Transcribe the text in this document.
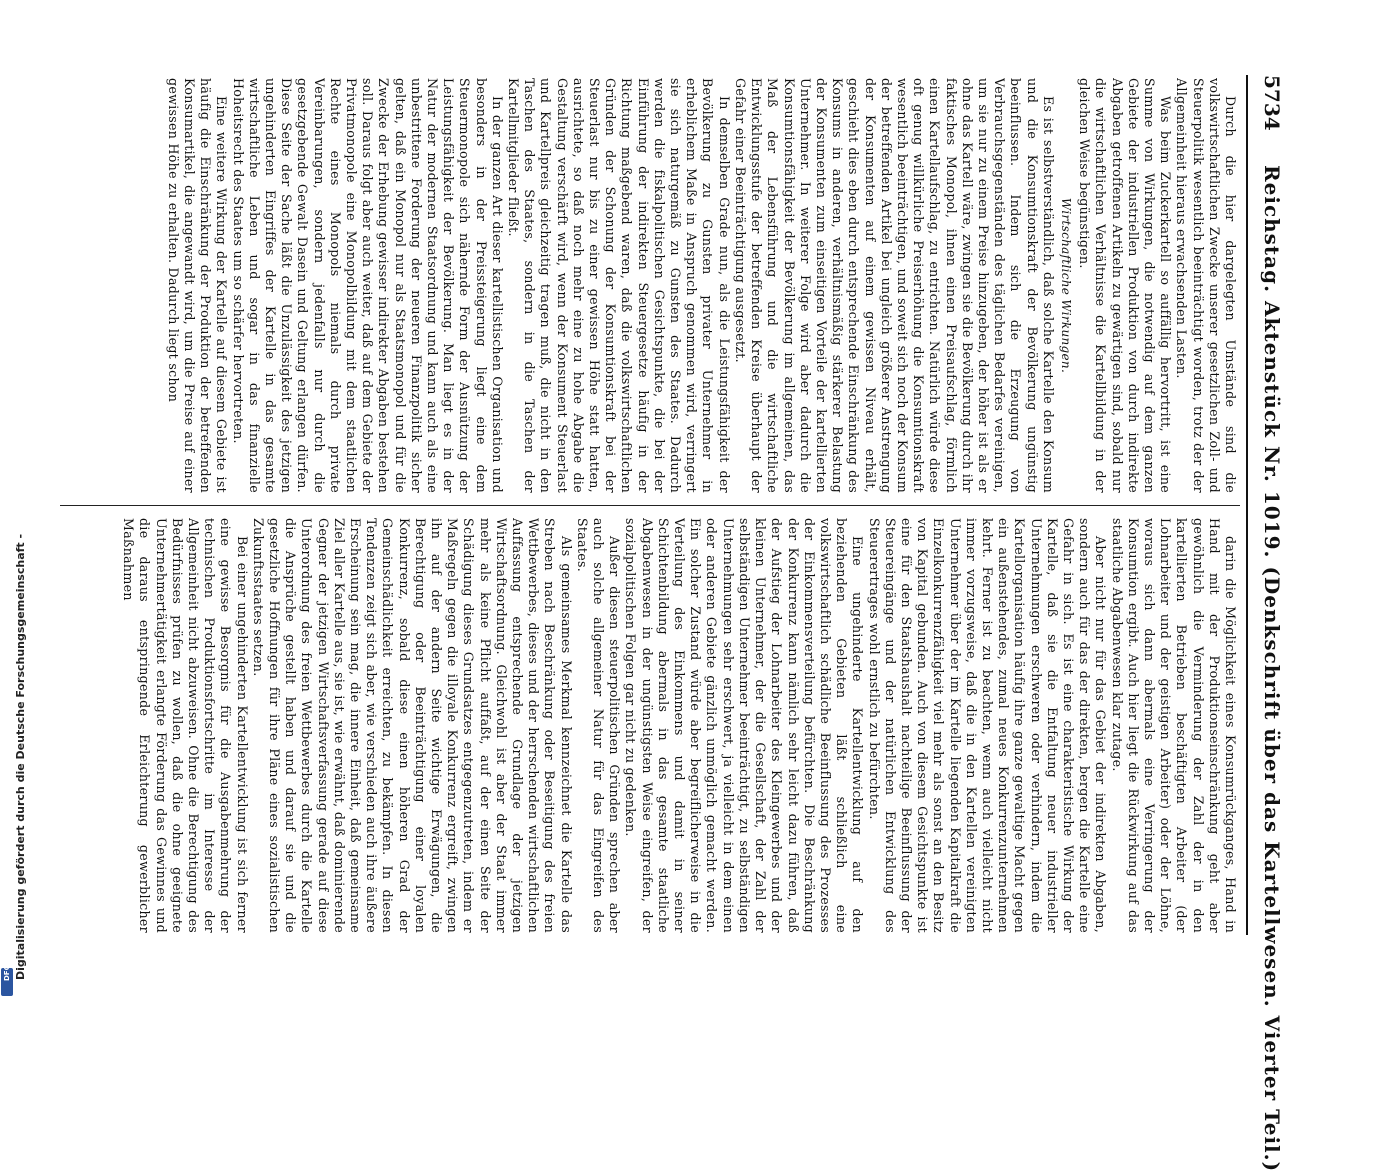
Digitalisierung gefördert durch die Deutsche Forschungsgemeinschaft -
DFG
5734
Reichstag. Aktenstück Nr. 1019. (Denkschrift über das Kartellwesen. Vierter Teil.)

Durch die hier dargelegten Umstände sind die volkswirtschaftlichen Zwecke unserer gesetzlichen Zoll- und Steuerpolitik wesentlich beeinträchtigt worden, trotz der der Allgemeinheit hieraus erwachsenden Lasten.

Was beim Zuckerkartell so auffällig hervortritt, ist eine Summe von Wirkungen, die notwendig auf dem ganzen Gebiete der industriellen Produktion von durch indirekte Abgaben getroffenen Artikeln zu gewärtigen sind, sobald nur die wirtschaftlichen Verhältnisse die Kartellbildung in der gleichen Weise begünstigen.

Wirtschaftliche Wirkungen.

Es ist selbstverständlich, daß solche Kartelle den Konsum und die Konsumtionskraft der Bevölkerung ungünstig beeinflussen. Indem sich die Erzeugung von Verbrauchsgegenständen des täglichen Bedarfes vereinigen, um sie nur zu einem Preise hinzugeben, der höher ist als er ohne das Kartell wäre, zwingen sie die Bevölkerung durch ihr faktisches Monopol, ihnen einen Preisaufschlag, förmlich einen Kartellaufschlag, zu entrichten. Natürlich würde diese oft genug willkürliche Preiserhöhung die Konsumtionskraft wesentlich beeinträchtigen, und soweit sich noch der Konsum der betreffenden Artikel bei ungleich größerer Anstrengung der Konsumenten auf einem gewissen Niveau erhält, geschieht dies eben durch entsprechende Einschränkung des Konsums in anderen, verhältnismäßig stärkerer Belastung der Konsumenten zum einseitigen Vorteile der kartellierten Unternehmer. In weiterer Folge wird aber dadurch die Konsumtionsfähigkeit der Bevölkerung im allgemeinen, das Maß der Lebensführung und die wirtschaftliche Entwicklungsstufe der betreffenden Kreise überhaupt der Gefahr einer Beeinträchtigung ausgesetzt.

In demselben Grade nun, als die Leistungsfähigkeit der Bevölkerung zu Gunsten privater Unternehmer in erheblichem Maße in Anspruch genommen wird, verringert sie sich naturgemäß zu Gunsten des Staates. Dadurch werden die fiskalpolitischen Gesichtspunkte, die bei der Einführung der indirekten Steuergesetze häufig in der Richtung maßgebend waren, daß die volkswirtschaftlichen Gründen der Schonung der Konsumtionskraft bei der Steuerlast nur bis zu einer gewissen Höhe statt hatten, ausrichtete, so daß noch mehr eine zu hohe Abgabe die Gestaltung verschärft wird, wenn der Konsument Steuerlast und Kartellpreis gleichzeitig tragen muß, die nicht in den Taschen des Staates, sondern in die Taschen der Kartellmitglieder fließt.

In der ganzen Art dieser kartellistischen Organisation und besonders in der Preissteigerung liegt eine dem Steuermonopole sich nähernde Form der Ausnützung der Leistungsfähigkeit der Bevölkerung. Man liegt es in der Natur der modernen Staatsordnung und kann auch als eine unbestrittene Forderung der neueren Finanzpolitik sicher gelten, daß ein Monopol nur als Staatsmonopol und für die Zwecke der Erhebung gewisser indirekter Abgaben bestehen soll. Daraus folgt aber auch weiter, daß auf dem Gebiete der Privatmonopole eine Monopolbildung mit dem staatlichen Rechte eines Monopols niemals durch private Vereinbarungen, sondern jedenfalls nur durch die gesetzgebende Gewalt Dasein und Geltung erlangen dürfen. Diese Seite der Sache läßt die Unzulässigkeit des jetzigen ungehinderten Eingriffes der Kartelle in das gesamte wirtschaftliche Leben und sogar in das finanzielle Hoheitsrecht des Staates um so schärfer hervortreten.

Eine weitere Wirkung der Kartelle auf diesem Gebiete ist häufig die Einschränkung der Produktion der betreffenden Konsumartikel, die angewandt wird, um die Preise auf einer gewissen Höhe zu erhalten. Dadurch liegt schon

darin die Möglichkeit eines Konsumrückganges, Hand in Hand mit der Produktionseinschränkung geht aber gewöhnlich die Verminderung der Zahl der in den kartellierten Betrieben beschäftigten Arbeiter (der Lohnarbeiter und der geistigen Arbeiter) oder der Löhne, woraus sich dann abermals eine Verringerung der Konsumtion ergibt. Auch hier liegt die Rückwirkung auf das staatliche Abgabenwesen klar zutage.

Aber nicht nur für das Gebiet der indirekten Abgaben, sondern auch für das der direkten, bergen die Kartelle eine Gefahr in sich. Es ist eine charakteristische Wirkung der Kartelle, daß sie die Entfaltung neuer industrieller Unternehmungen erschweren oder verhindern, indem die Kartellorganisation häufig ihre ganze gewaltige Macht gegen ein außenstehendes, zumal neues Konkurrenzunternehmen kehrt. Ferner ist zu beachten, wenn auch vielleicht nicht immer vorzugsweise, daß die in den Kartellen vereinigten Unternehmer über der im Kartelle liegenden Kapitalkraft die Einzelkonkurrenzfähigkeit viel mehr als sonst an den Besitz von Kapital gebunden. Auch von diesem Gesichtspunkte ist eine für den Staatshaushalt nachteilige Beeinflussung der Steuereingänge und der natürlichen Entwicklung des Steuerertrages wohl ernstlich zu befürchten.

Eine ungehinderte Kartellentwicklung auf den beziehenden Gebieten läßt schließlich eine volkswirtschaftlich schädliche Beeinflussung des Prozesses der Einkommensverteilung befürchten. Die Beschränkung der Konkurrenz kann nämlich sehr leicht dazu führen, daß der Aufstieg der Lohnarbeiter des Kleingewerbes und der kleinen Unternehmer, der die Gesellschaft, der Zahl der selbständigen Unternehmer beeinträchtigt, zu selbständigen Unternehmungen sehr erschwert, ja vielleicht in dem einen oder anderen Gebiete gänzlich unmöglich gemacht werden. Ein solcher Zustand würde aber begreiflicherweise in die Verteilung des Einkommens und damit in seiner Schichtenbildung abermals in das gesamte staatliche Abgabenwesen in der ungünstigsten Weise eingreifen, der sozialpolitischen Folgen gar nicht zu gedenken.

Außer diesen steuerpolitischen Gründen sprechen aber auch solche allgemeiner Natur für das Eingreifen des Staates.

Als gemeinsames Merkmal kennzeichnet die Kartelle das Streben nach Beschränkung oder Beseitigung des freien Wettbewerbes, dieses und der herrschenden wirtschaftlichen Auffassung entsprechende Grundlage der jetzigen Wirtschaftsordnung. Gleichwohl ist aber der Staat immer mehr als keine Pflicht auffaßt, auf der einen Seite der Schädigung dieses Grundsatzes entgegenzutreten, indem er Maßregeln gegen die illoyale Konkurrenz ergreift, zwingen ihn auf der andern Seite wichtige Erwägungen, die Berechtigung oder Beeinträchtigung einer loyalen Konkurrenz, sobald diese einen höheren Grad der Gemeinschädlichkeit erreichten, zu bekämpfen. In diesen Tendenzen zeigt sich aber, wie verschieden auch ihre äußere Erscheinung sein mag, die innere Einheit, daß gemeinsame Ziel aller Kartelle aus, sie ist, wie erwähnt, daß dominierende Gegner der jetzigen Wirtschaftsverfassung gerade auf diese Unterordnung des freien Wettbewerbes durch die Kartelle die Ansprüche gestellt haben und darauf sie und die gesetzliche Hoffnungen für ihre Pläne eines sozialistischen Zukunftsstaates setzen.

Bei einer ungehinderten Kartellentwicklung ist sich ferner eine gewisse Besorgnis für die Ausgabenmehrung der technischen Produktionsfortschritte im Interesse der Allgemeinheit nicht abzuweisen. Ohne die Berechtigung des Bedürfnisses prüfen zu wollen, daß die ohne geeignete Unternehmertätigkeit erlangte Förderung das Gewinnes und die daraus entspringende Erleichterung gewerblicher Maßnahmen
